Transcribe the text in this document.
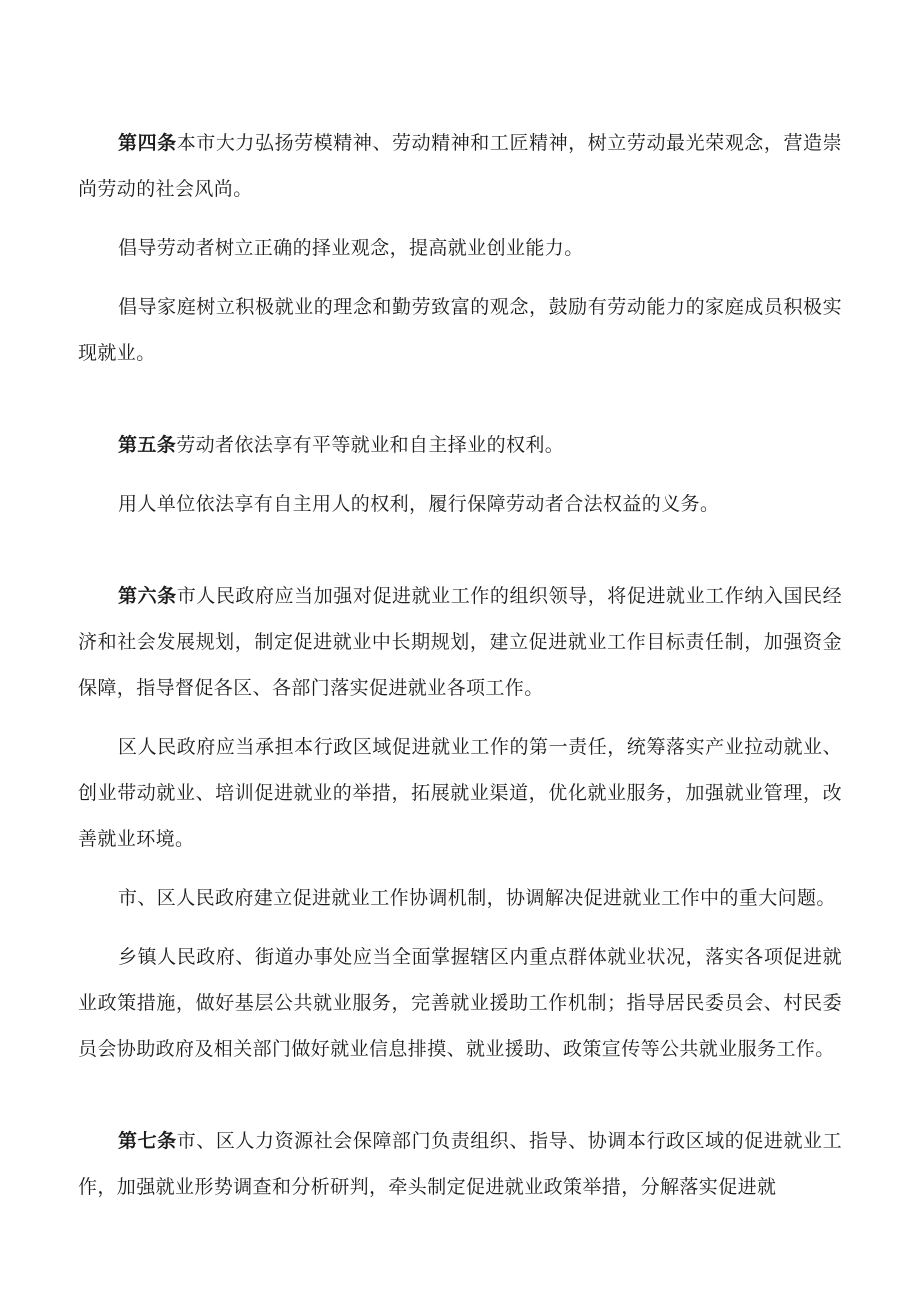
第四条本市大力弘扬劳模精神、劳动精神和工匠精神，树立劳动最光荣观念，营造崇尚劳动的社会风尚。

倡导劳动者树立正确的择业观念，提高就业创业能力。

倡导家庭树立积极就业的理念和勤劳致富的观念，鼓励有劳动能力的家庭成员积极实现就业。

第五条劳动者依法享有平等就业和自主择业的权利。

用人单位依法享有自主用人的权利，履行保障劳动者合法权益的义务。

第六条市人民政府应当加强对促进就业工作的组织领导，将促进就业工作纳入国民经济和社会发展规划，制定促进就业中长期规划，建立促进就业工作目标责任制，加强资金保障，指导督促各区、各部门落实促进就业各项工作。

区人民政府应当承担本行政区域促进就业工作的第一责任，统筹落实产业拉动就业、创业带动就业、培训促进就业的举措，拓展就业渠道，优化就业服务，加强就业管理，改善就业环境。

市、区人民政府建立促进就业工作协调机制，协调解决促进就业工作中的重大问题。

乡镇人民政府、街道办事处应当全面掌握辖区内重点群体就业状况，落实各项促进就业政策措施，做好基层公共就业服务，完善就业援助工作机制；指导居民委员会、村民委员会协助政府及相关部门做好就业信息排摸、就业援助、政策宣传等公共就业服务工作。

第七条市、区人力资源社会保障部门负责组织、指导、协调本行政区域的促进就业工作，加强就业形势调查和分析研判，牵头制定促进就业政策举措，分解落实促进就
